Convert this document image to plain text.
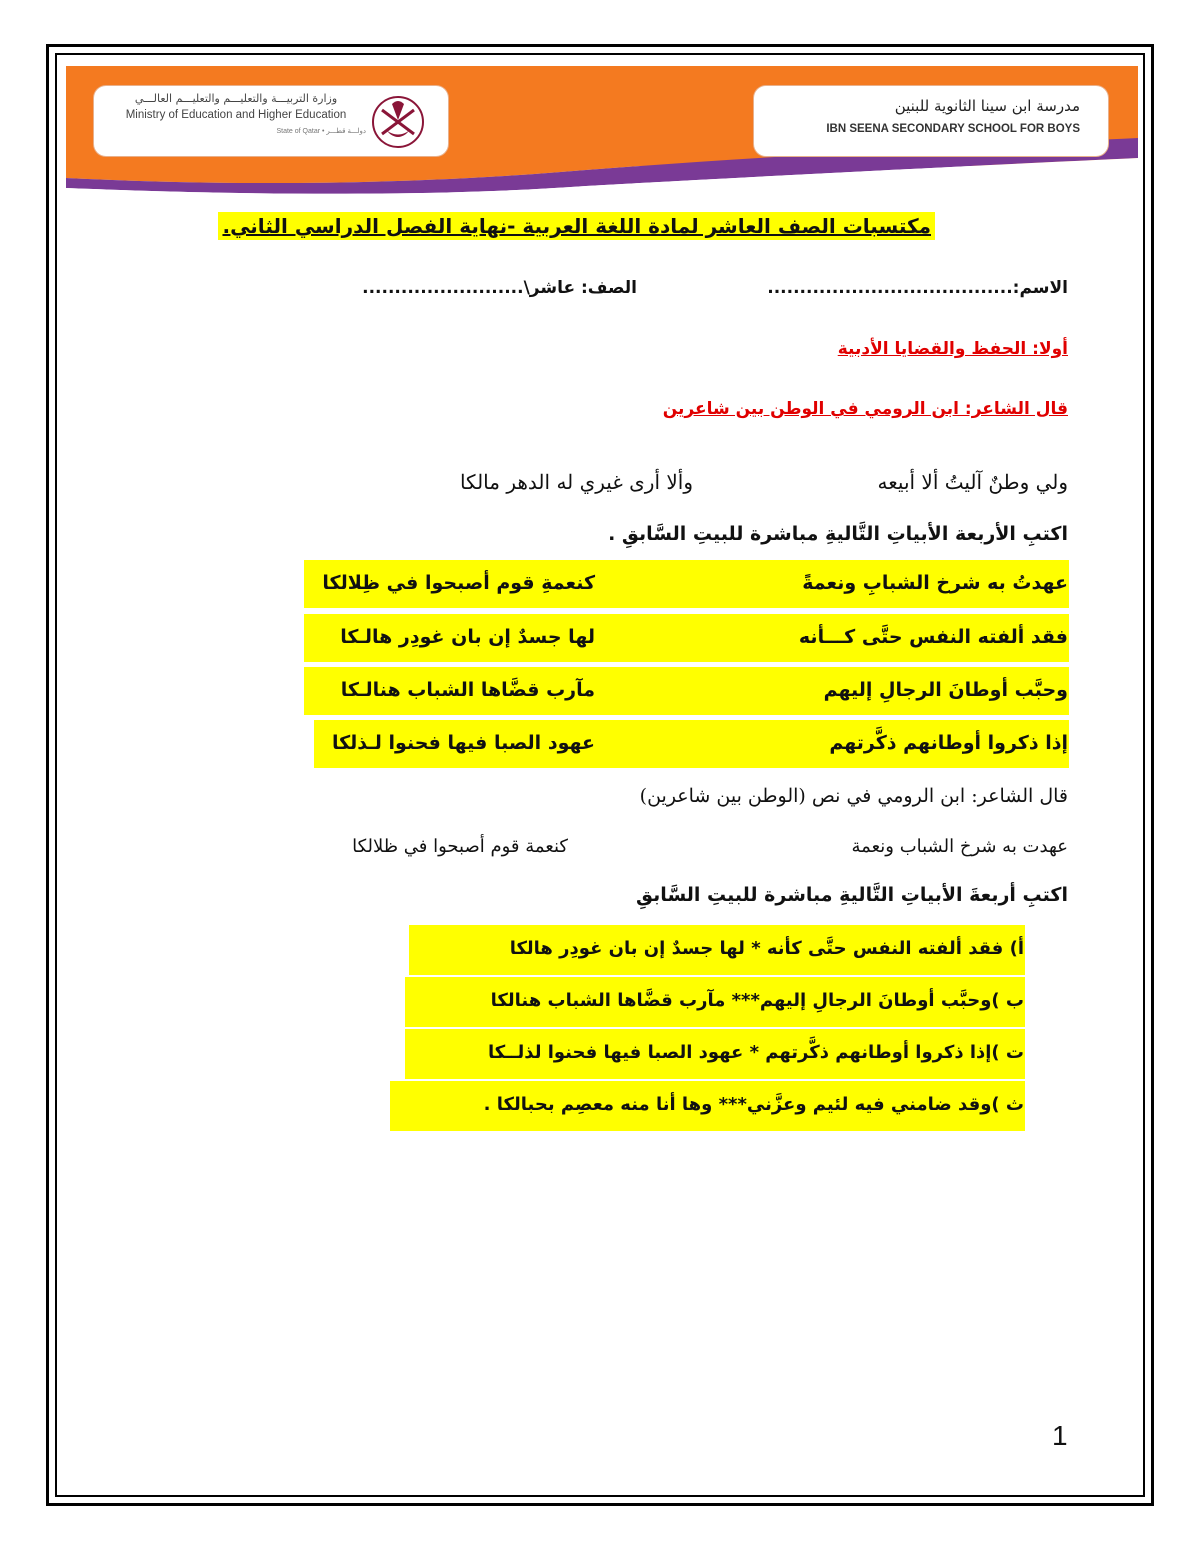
وزارة التربيـــة والتعليـــم والتعليـــم العالـــي
Ministry of Education and Higher Education
State of Qatar • دولـــة قطـــر
مدرسة ابن سينا الثانوية للبنين
IBN SEENA SECONDARY SCHOOL FOR BOYS
مكتسبات الصف العاشر لمادة اللغة العربية -نهاية الفصل الدراسي الثاني.
الاسم:......................................
الصف: عاشر\.........................
أولا: الحفظ والقضايا الأدبية
قال الشاعر: ابن الرومي في الوطن بين شاعرين
ولي وطنٌ آليتُ ألا أبيعه
وألا أرى غيري له الدهر مالكا
اكتبِ الأربعة الأبياتِ التَّاليةِ مباشرة للبيتِ السَّابقِ .
عهدتُ به شرخ الشبابِ ونعمةً
كنعمةِ قوم أصبحوا في ظِلالكا
فقد ألفته النفس حتَّى كـــأنه
لها جسدٌ إن بان غودِر هالـكا
وحبَّب أوطانَ الرجالِ إليهم
مآرب قضَّاها الشباب هنالـكا
إذا ذكروا أوطانهم ذكَّرتهم
عهود الصبا فيها فحنوا لـذلكا
قال الشاعر: ابن الرومي في نص (الوطن بين شاعرين)
عهدت به شرخ الشباب ونعمة
كنعمة قوم أصبحوا في ظلالكا
اكتبِ أربعةَ الأبياتِ التَّاليةِ مباشرة للبيتِ السَّابقِ
أ) فقد ألفته النفس حتَّى كأنه * لها جسدٌ إن بان غودِر هالكا
ب )وحبَّب أوطانَ الرجالِ إليهم*** مآرب قضَّاها الشباب هنالكا
ت )إذا ذكروا أوطانهم ذكَّرتهم * عهود الصبا فيها فحنوا لذلــكا
ث )وقد ضامني فيه لئيم وعزَّني*** وها أنا منه معصِم بحبالكا .
1
